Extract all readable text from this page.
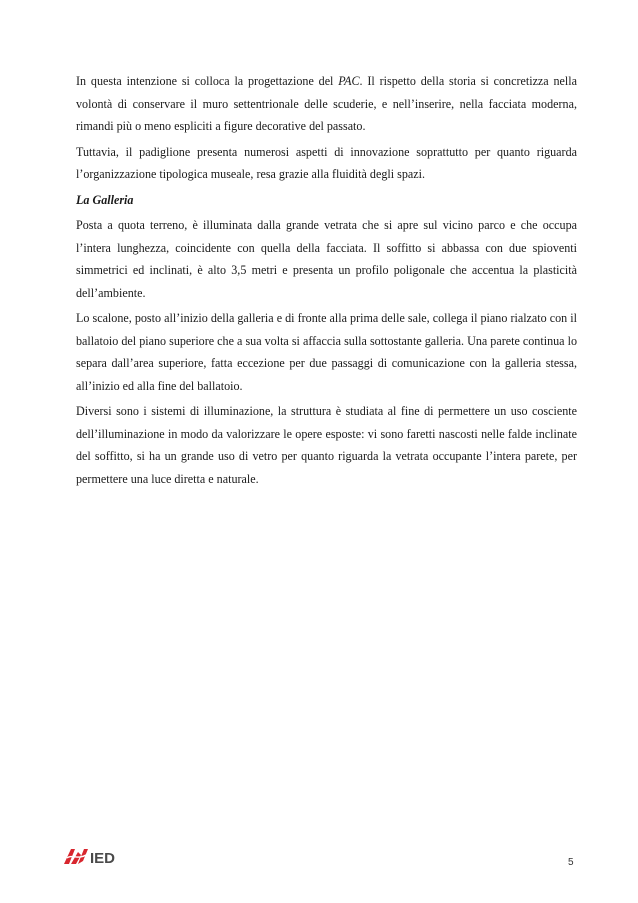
In questa intenzione si colloca la progettazione del PAC. Il rispetto della storia si concretizza nella volontà di conservare il muro settentrionale delle scuderie, e nell’inserire, nella facciata moderna, rimandi più o meno espliciti a figure decorative del passato.

Tuttavia, il padiglione presenta numerosi aspetti di innovazione soprattutto per quanto riguarda l’organizzazione tipologica museale, resa grazie alla fluidità degli spazi.

La Galleria

Posta a quota terreno, è illuminata dalla grande vetrata che si apre sul vicino parco e che occupa l’intera lunghezza, coincidente con quella della facciata. Il soffitto si abbassa con due spioventi simmetrici ed inclinati, è alto 3,5 metri e presenta un profilo poligonale che accentua la plasticità dell’ambiente.

Lo scalone, posto all’inizio della galleria e di fronte alla prima delle sale, collega il piano rialzato con il ballatoio del piano superiore che a sua volta si affaccia sulla sottostante galleria. Una parete continua lo separa dall’area superiore, fatta eccezione per due passaggi di comunicazione con la galleria stessa, all’inizio ed alla fine del ballatoio.

Diversi sono i sistemi di illuminazione, la struttura è studiata al fine di permettere un uso cosciente dell’illuminazione in modo da valorizzare le opere esposte: vi sono faretti nascosti nelle falde inclinate del soffitto, si ha un grande uso di vetro per quanto riguarda la vetrata occupante l’intera parete, per permettere una luce diretta e naturale.

IED	5
